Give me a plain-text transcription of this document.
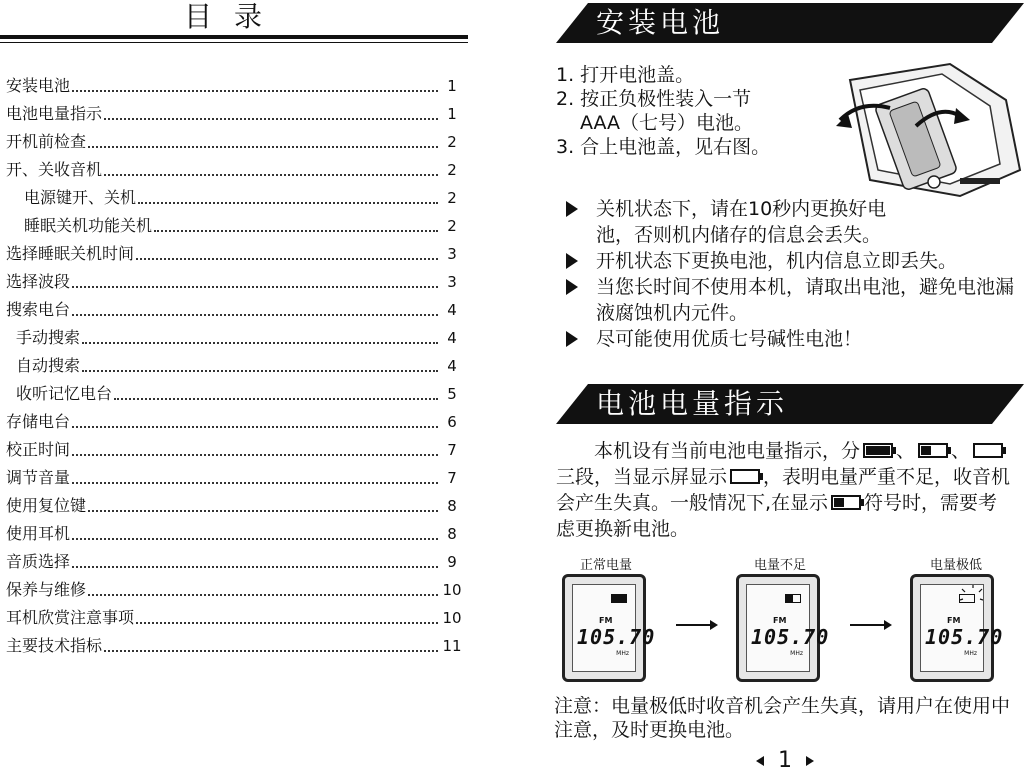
目录
安装电池	1
电池电量指示	1
开机前检查	2
开、关收音机	2
电源键开、关机	2
睡眠关机功能关机	2
选择睡眠关机时间	3
选择波段	3
搜索电台	4
手动搜索	4
自动搜索	4
收听记忆电台	5
存储电台	6
校正时间	7
调节音量	7
使用复位键	8
使用耳机	8
音质选择	9
保养与维修	10
耳机欣赏注意事项	10
主要技术指标	11
安装电池
1. 打开电池盖。
2. 按正负极性装入一节
AAA（七号）电池。
3. 合上电池盖，见右图。
关机状态下，请在10秒内更换好电池，否则机内储存的信息会丢失。
开机状态下更换电池，机内信息立即丢失。
当您长时间不使用本机，请取出电池，避免电池漏液腐蚀机内元件。
尽可能使用优质七号碱性电池！
电池电量指示
本机设有当前电池电量指示，分 、 、三段，当显示屏显示 ，表明电量严重不足，收音机会产生失真。一般情况下,在显示 符号时，需要考虑更换新电池。
正常电量	电量不足	电量极低
FM
105.70
MHz
FM
105.70
MHz
FM
105.70
MHz
注意：电量极低时收音机会产生失真，请用户在使用中注意，及时更换电池。
1
